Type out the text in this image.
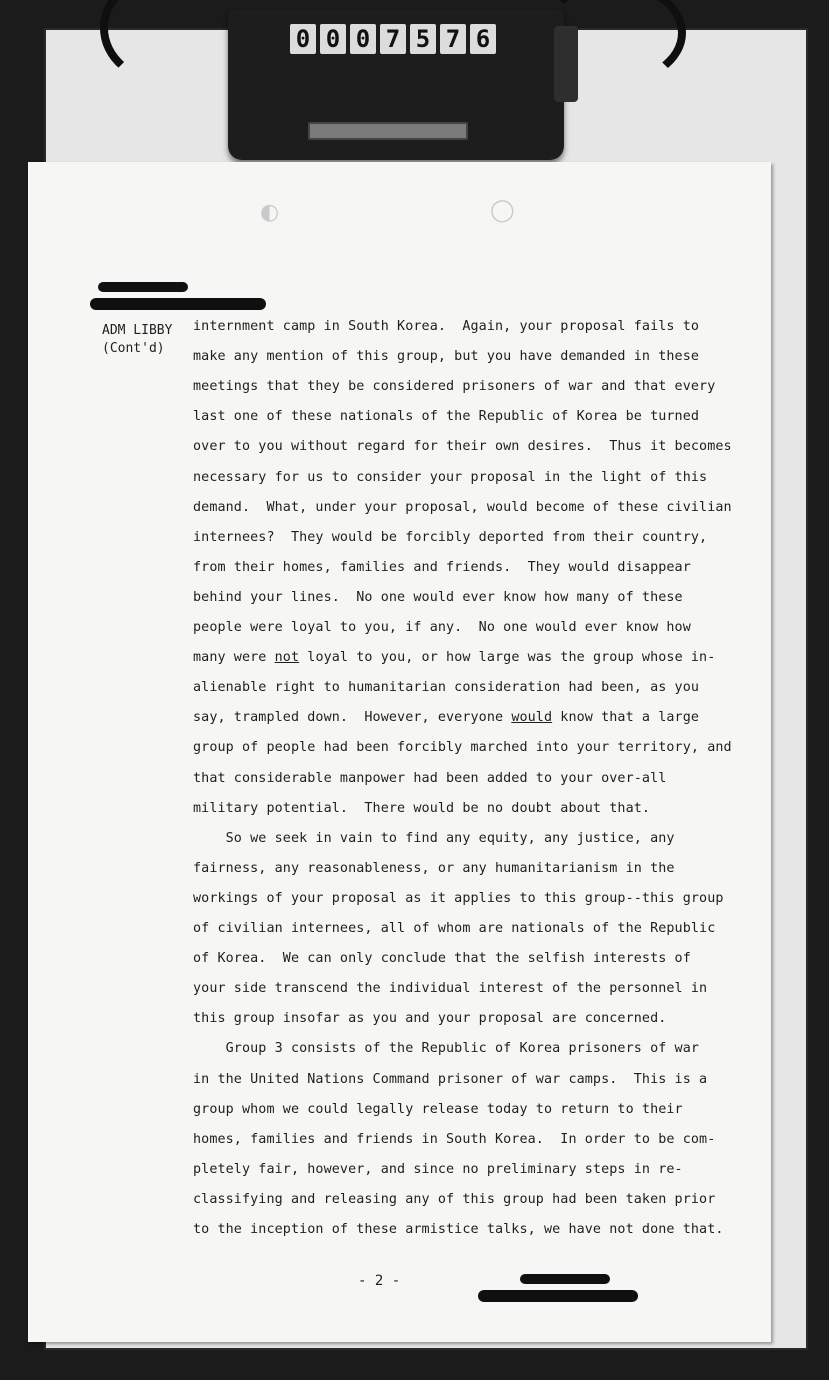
0 0 0 7 5 7 6
◐	◯
ADM LIBBY
(Cont'd)
internment camp in South Korea.  Again, your proposal fails to
make any mention of this group, but you have demanded in these
meetings that they be considered prisoners of war and that every
last one of these nationals of the Republic of Korea be turned
over to you without regard for their own desires.  Thus it becomes
necessary for us to consider your proposal in the light of this
demand.  What, under your proposal, would become of these civilian
internees?  They would be forcibly deported from their country,
from their homes, families and friends.  They would disappear
behind your lines.  No one would ever know how many of these
people were loyal to you, if any.  No one would ever know how
many were not loyal to you, or how large was the group whose in-
alienable right to humanitarian consideration had been, as you
say, trampled down.  However, everyone would know that a large
group of people had been forcibly marched into your territory, and
that considerable manpower had been added to your over-all
military potential.  There would be no doubt about that.
So we seek in vain to find any equity, any justice, any
fairness, any reasonableness, or any humanitarianism in the
workings of your proposal as it applies to this group--this group
of civilian internees, all of whom are nationals of the Republic
of Korea.  We can only conclude that the selfish interests of
your side transcend the individual interest of the personnel in
this group insofar as you and your proposal are concerned.
Group 3 consists of the Republic of Korea prisoners of war
in the United Nations Command prisoner of war camps.  This is a
group whom we could legally release today to return to their
homes, families and friends in South Korea.  In order to be com-
pletely fair, however, and since no preliminary steps in re-
classifying and releasing any of this group had been taken prior
to the inception of these armistice talks, we have not done that.
- 2 -
